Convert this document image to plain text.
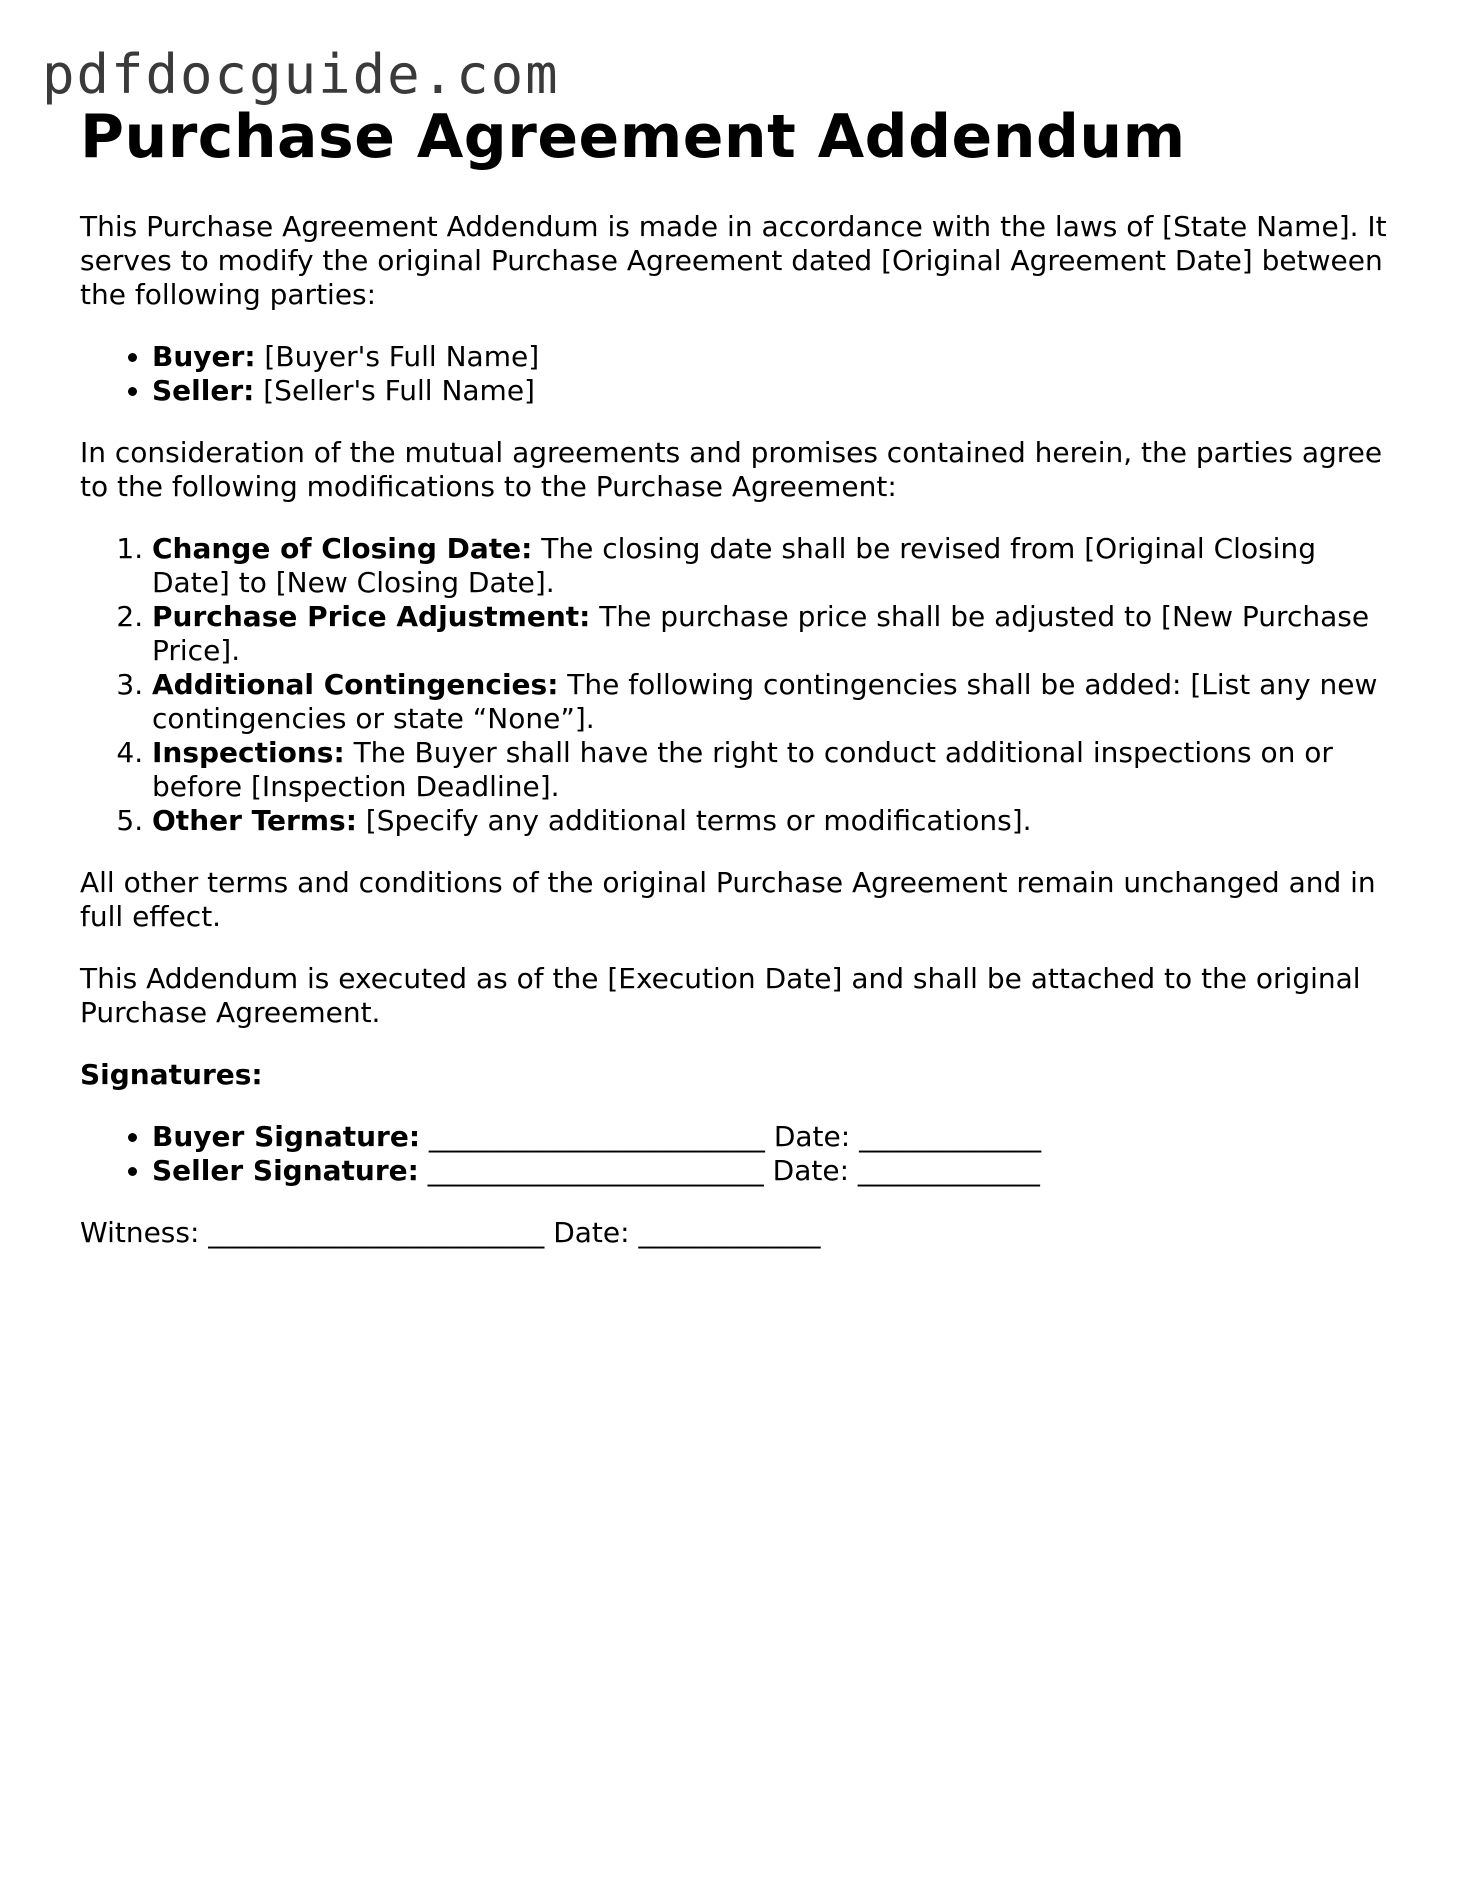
pdfdocguide.com
Purchase Agreement Addendum

This Purchase Agreement Addendum is made in accordance with the laws of [State Name]. It serves to modify the original Purchase Agreement dated [Original Agreement Date] between the following parties:

• Buyer: [Buyer's Full Name]
• Seller: [Seller's Full Name]

In consideration of the mutual agreements and promises contained herein, the parties agree to the following modifications to the Purchase Agreement:

1. Change of Closing Date: The closing date shall be revised from [Original Closing Date] to [New Closing Date].
2. Purchase Price Adjustment: The purchase price shall be adjusted to [New Purchase Price].
3. Additional Contingencies: The following contingencies shall be added: [List any new contingencies or state “None”].
4. Inspections: The Buyer shall have the right to conduct additional inspections on or before [Inspection Deadline].
5. Other Terms: [Specify any additional terms or modifications].

All other terms and conditions of the original Purchase Agreement remain unchanged and in full effect.

This Addendum is executed as of the [Execution Date] and shall be attached to the original Purchase Agreement.

Signatures:

• Buyer Signature: ________________________ Date: _____________
• Seller Signature: ________________________ Date: _____________

Witness: ________________________ Date: _____________
